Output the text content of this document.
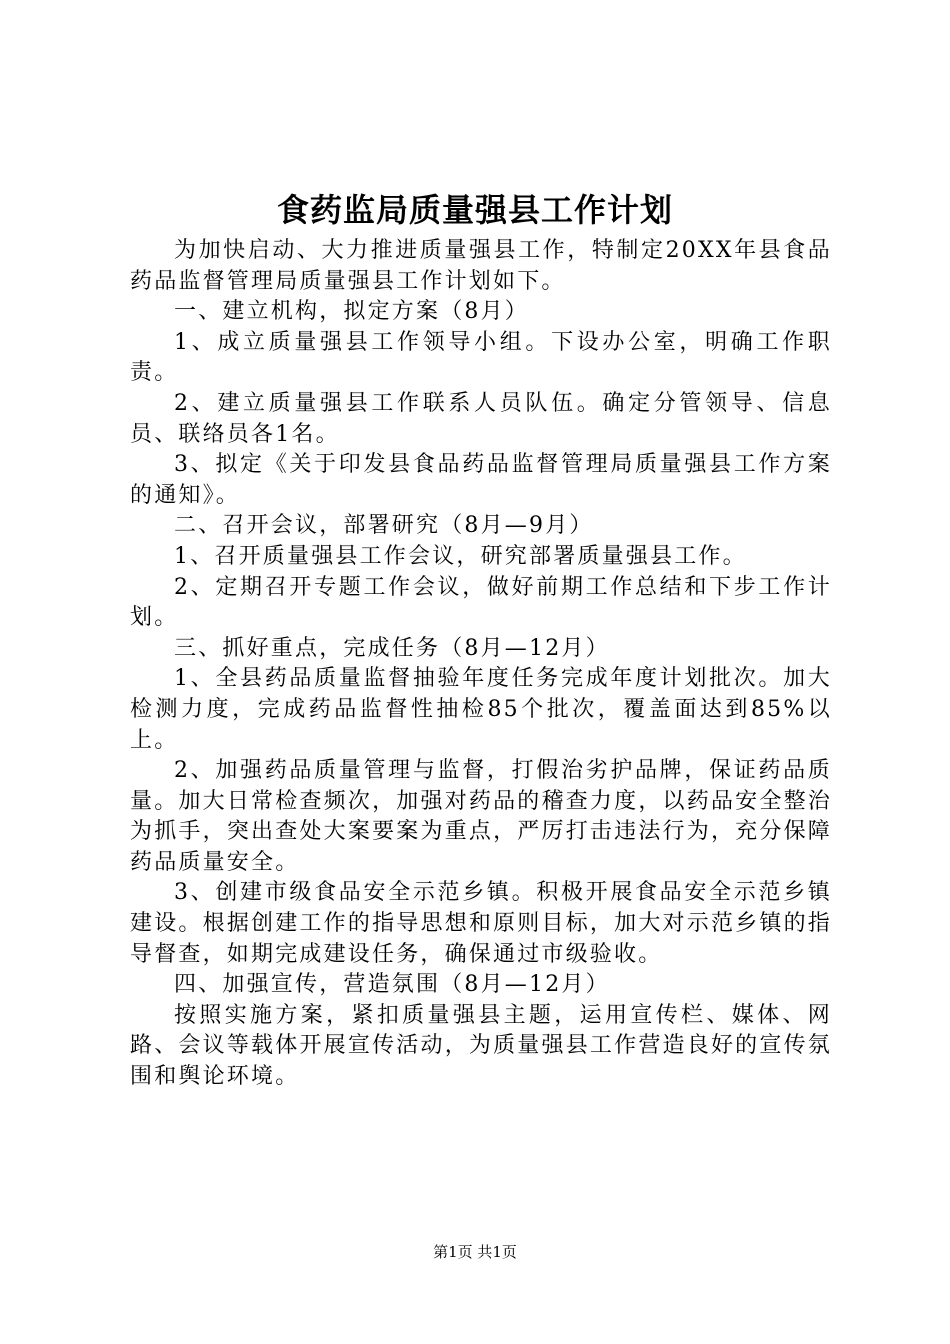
食药监局质量强县工作计划

为加快启动、大力推进质量强县工作，特制定20XX年县食品药品监督管理局质量强县工作计划如下。

一、建立机构，拟定方案（8月）

1、成立质量强县工作领导小组。下设办公室，明确工作职责。

2、建立质量强县工作联系人员队伍。确定分管领导、信息员、联络员各1名。

3、拟定《关于印发县食品药品监督管理局质量强县工作方案的通知》。

二、召开会议，部署研究（8月—9月）

1、召开质量强县工作会议，研究部署质量强县工作。

2、定期召开专题工作会议，做好前期工作总结和下步工作计划。

三、抓好重点，完成任务（8月—12月）

1、全县药品质量监督抽验年度任务完成年度计划批次。加大检测力度，完成药品监督性抽检85个批次，覆盖面达到85%以上。

2、加强药品质量管理与监督，打假治劣护品牌，保证药品质量。加大日常检查频次，加强对药品的稽查力度，以药品安全整治为抓手，突出查处大案要案为重点，严厉打击违法行为，充分保障药品质量安全。

3、创建市级食品安全示范乡镇。积极开展食品安全示范乡镇建设。根据创建工作的指导思想和原则目标，加大对示范乡镇的指导督查，如期完成建设任务，确保通过市级验收。

四、加强宣传，营造氛围（8月—12月）

按照实施方案，紧扣质量强县主题，运用宣传栏、媒体、网路、会议等载体开展宣传活动，为质量强县工作营造良好的宣传氛围和舆论环境。

第1页 共1页
